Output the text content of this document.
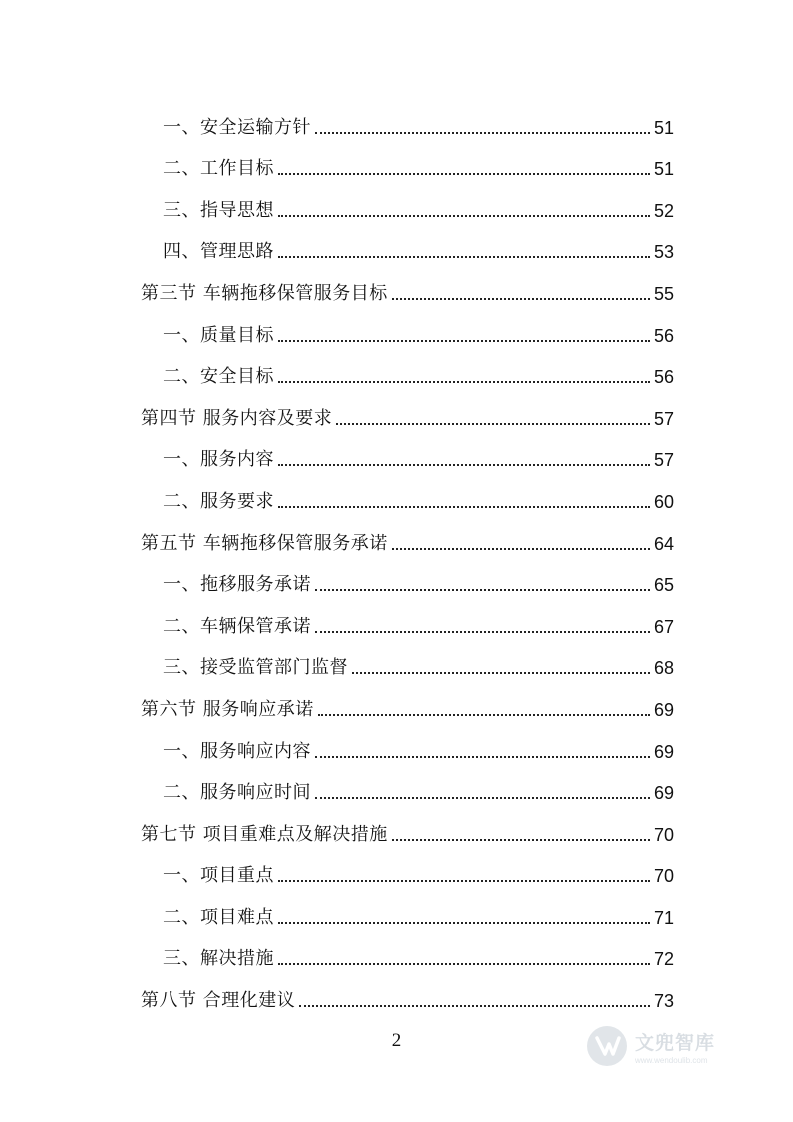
一、安全运输方针	51
二、工作目标	51
三、指导思想	52
四、管理思路	53
第三节 车辆拖移保管服务目标	55
一、质量目标	56
二、安全目标	56
第四节 服务内容及要求	57
一、服务内容	57
二、服务要求	60
第五节 车辆拖移保管服务承诺	64
一、拖移服务承诺	65
二、车辆保管承诺	67
三、接受监管部门监督	68
第六节 服务响应承诺	69
一、服务响应内容	69
二、服务响应时间	69
第七节 项目重难点及解决措施	70
一、项目重点	70
二、项目难点	71
三、解决措施	72
第八节 合理化建议	73
2	文兜智库
www.wendoulib.com
